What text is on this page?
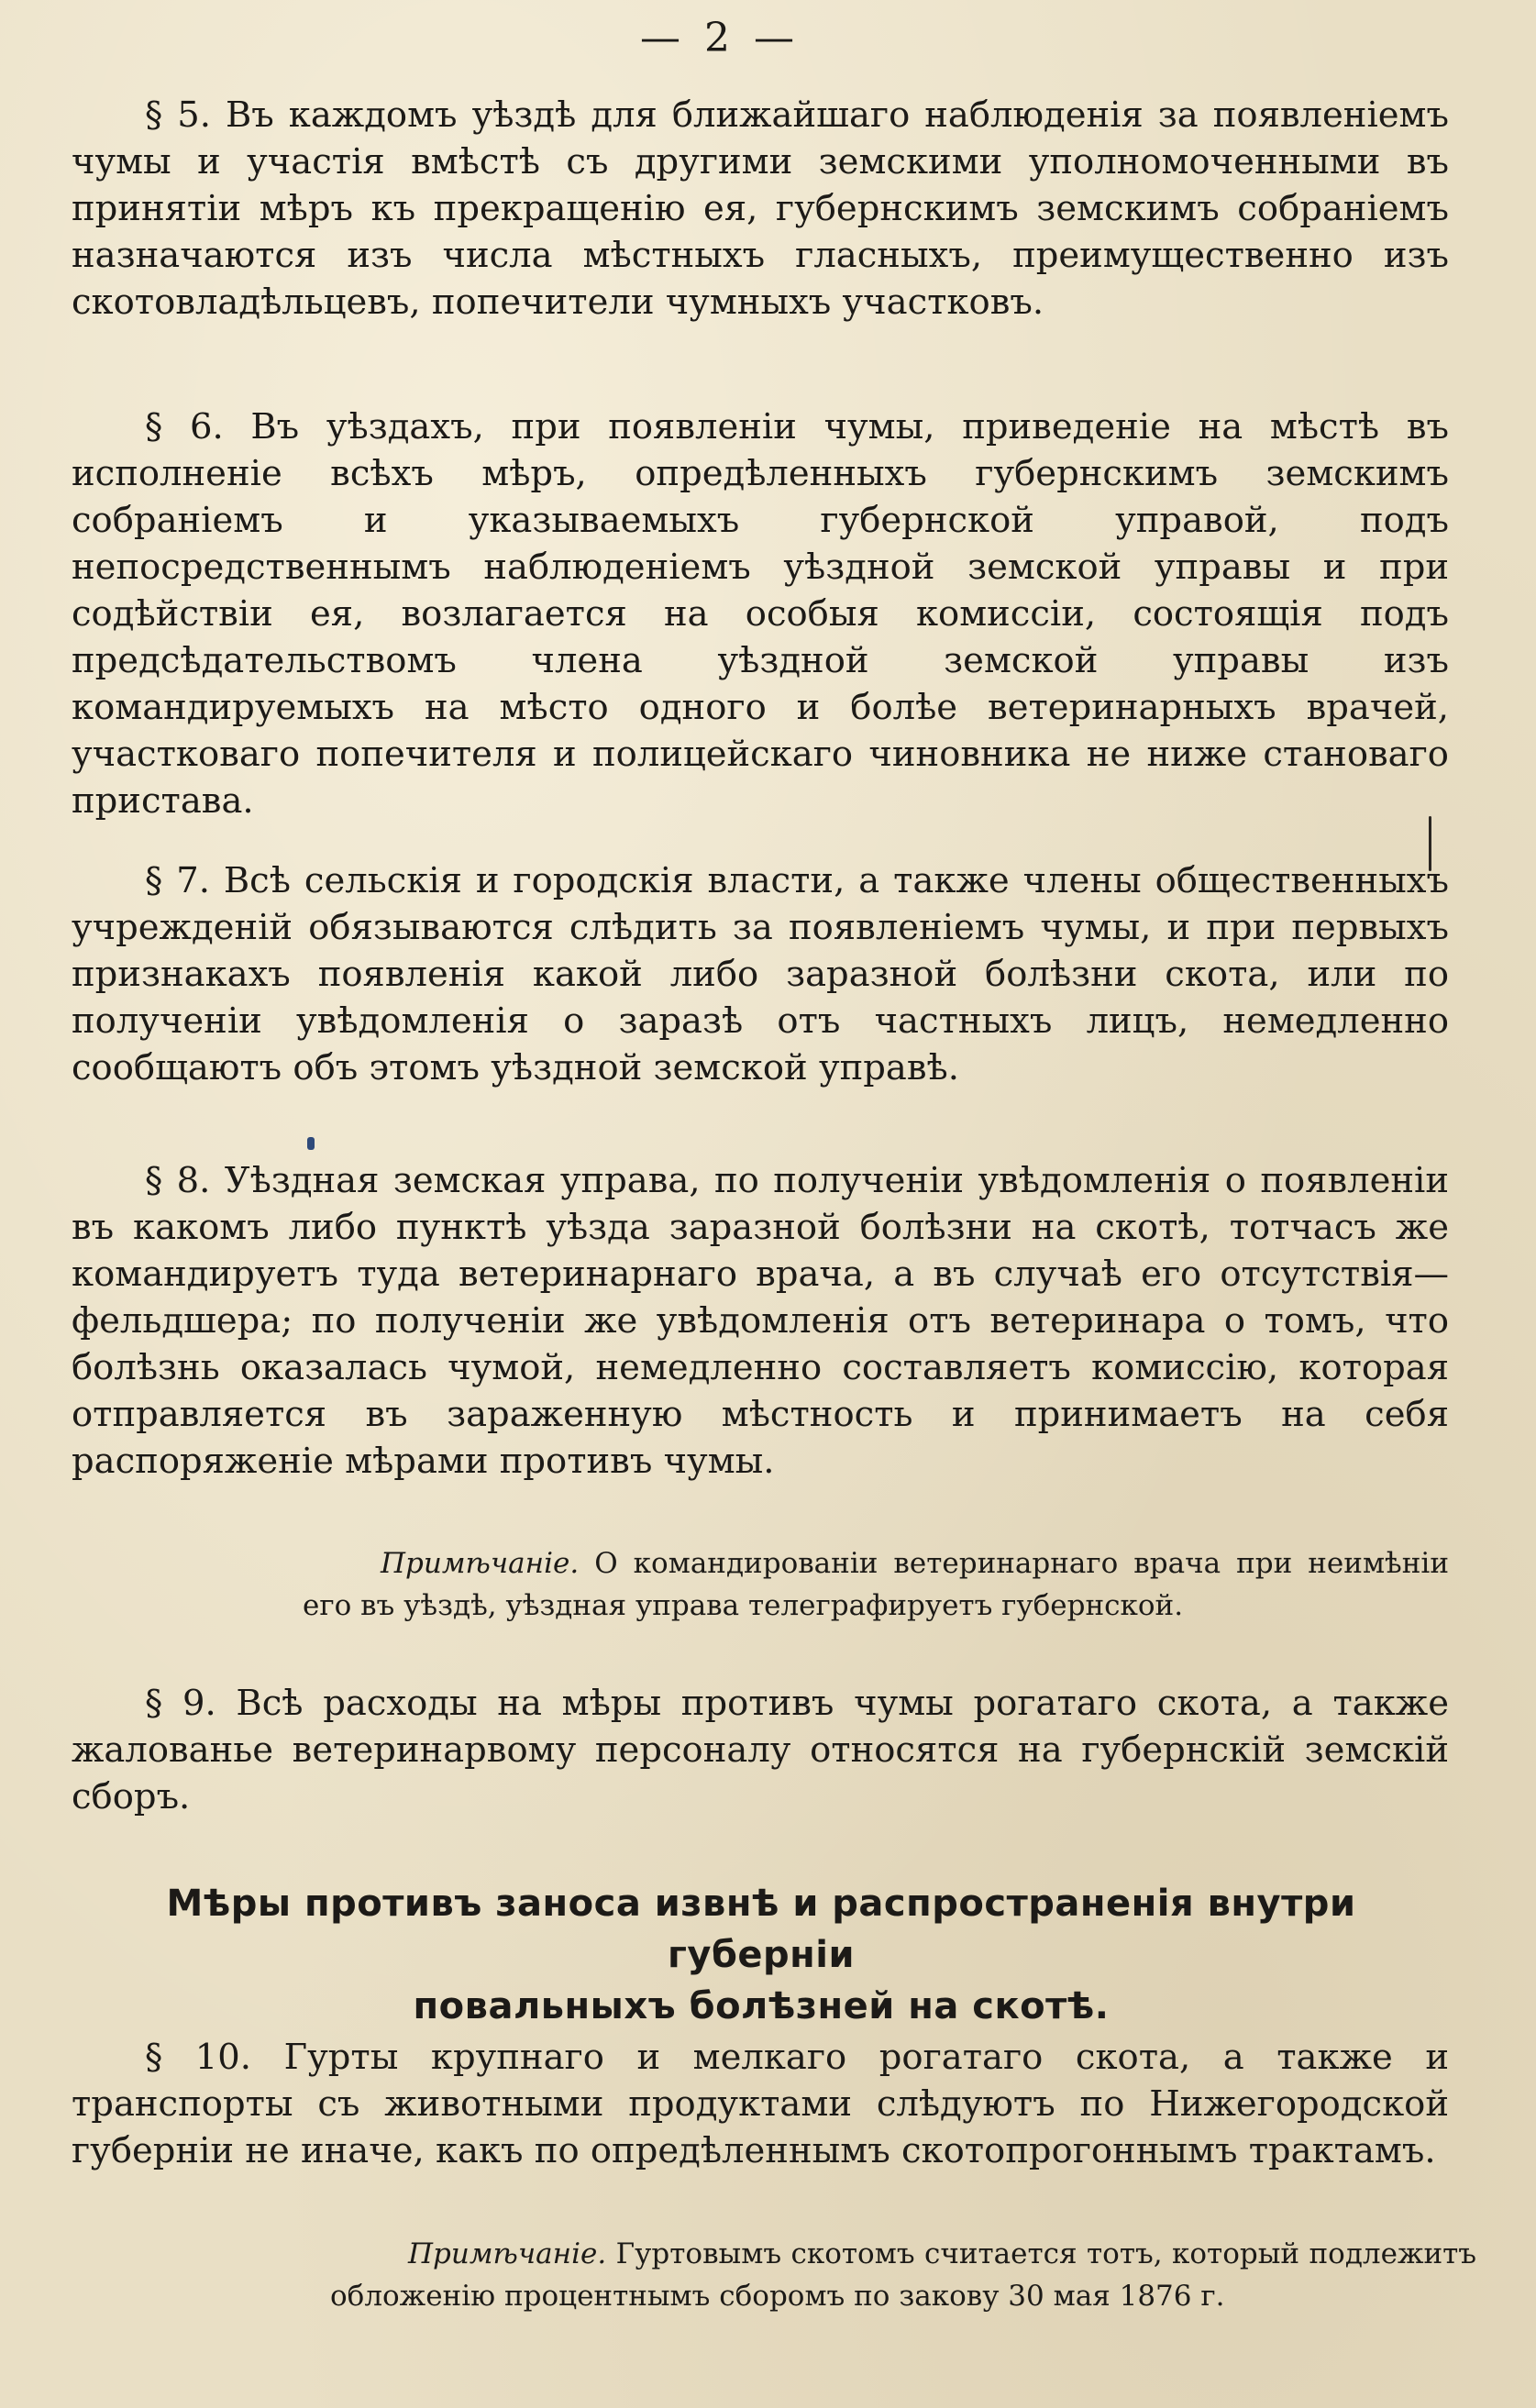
— 2 —
§ 5. Въ каждомъ уѣздѣ для ближайшаго наблюденія за появленіемъ чумы и участія вмѣстѣ съ другими земскими уполномоченными въ принятіи мѣръ къ прекращенію ея, губернскимъ земскимъ собраніемъ назначаются изъ числа мѣстныхъ гласныхъ, преимущественно изъ скотовладѣльцевъ, попечители чумныхъ участковъ.
§ 6. Въ уѣздахъ, при появленіи чумы, приведеніе на мѣстѣ въ исполненіе всѣхъ мѣръ, опредѣленныхъ губернскимъ земскимъ собраніемъ и указываемыхъ губернской управой, подъ непосредственнымъ наблюденіемъ уѣздной земской управы и при содѣйствіи ея, возлагается на особыя комиссіи, состоящія подъ предсѣдательствомъ члена уѣздной земской управы изъ командируемыхъ на мѣсто одного и болѣе ветеринарныхъ врачей, участковаго попечителя и полицейскаго чиновника не ниже становаго пристава.
§ 7. Всѣ сельскія и городскія власти, а также члены общественныхъ учрежденій обязываются слѣдить за появленіемъ чумы, и при первыхъ признакахъ появленія какой либо заразной болѣзни скота, или по полученіи увѣдомленія о заразѣ отъ частныхъ лицъ, немедленно сообщаютъ объ этомъ уѣздной земской управѣ.
§ 8. Уѣздная земская управа, по полученіи увѣдомленія о появленіи въ какомъ либо пунктѣ уѣзда заразной болѣзни на скотѣ, тотчасъ же командируетъ туда ветеринарнаго врача, а въ случаѣ его отсутствія—фельдшера; по полученіи же увѣдомленія отъ ветеринара о томъ, что болѣзнь оказалась чумой, немедленно составляетъ комиссію, которая отправляется въ зараженную мѣстность и принимаетъ на себя распоряженіе мѣрами противъ чумы.
Примѣчаніе. О командированіи ветеринарнаго врача при неимѣніи его въ уѣздѣ, уѣздная управа телеграфируетъ губернской.
§ 9. Всѣ расходы на мѣры противъ чумы рогатаго скота, а также жалованье ветеринарвому персоналу относятся на губернскій земскій сборъ.
Мѣры противъ заноса извнѣ и распространенія внутри губерніи
повальныхъ болѣзней на скотѣ.
§ 10. Гурты крупнаго и мелкаго рогатаго скота, а также и транспорты съ животными продуктами слѣдуютъ по Нижегородской губерніи не иначе, какъ по опредѣленнымъ скотопрогоннымъ трактамъ.
Примѣчаніе. Гуртовымъ скотомъ считается тотъ, который подлежитъ обложенію процентнымъ сборомъ по закову 30 мая 1876 г.
